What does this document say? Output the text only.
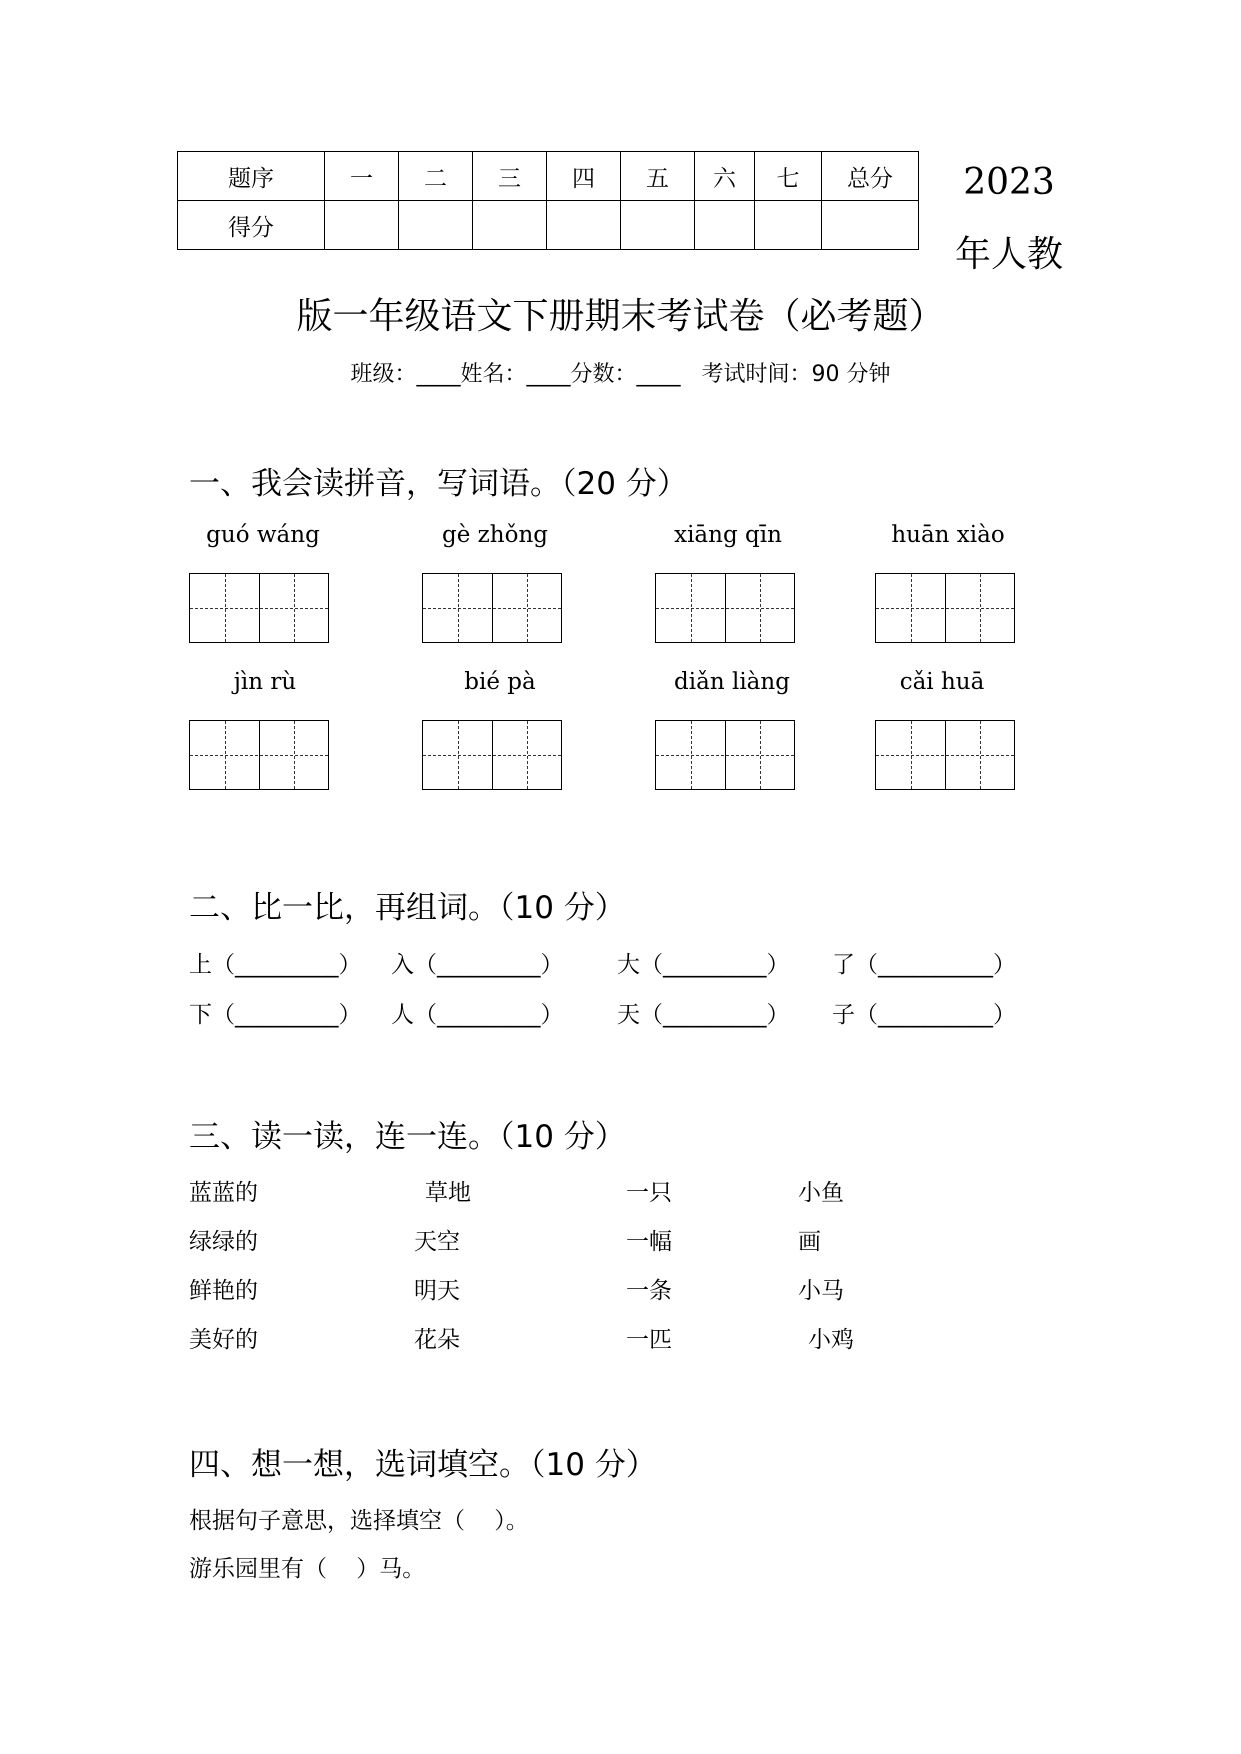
题序	一	二	三	四	五	六	七	总分
得分								
2023
年人教
版一年级语文下册期末考试卷（必考题）
班级：____姓名：____分数：____   考试时间：90 分钟
一、我会读拼音，写词语。（20 分）
guó wáng	gè zhǒng	xiāng qīn	huān xiào
jìn rù	bié pà	diǎn liàng	cǎi huā
二、比一比，再组词。（10 分）
上（_________） 入（_________） 大（_________） 了（__________）
下（_________） 人（_________） 天（_________） 子（__________）
三、读一读，连一连。（10 分）
蓝蓝的	草地	一只	小鱼
绿绿的	天空	一幅	画
鲜艳的	明天	一条	小马
美好的	花朵	一匹	小鸡
四、想一想，选词填空。（10 分）
根据句子意思，选择填空（    ）。
游乐园里有（    ）马。
